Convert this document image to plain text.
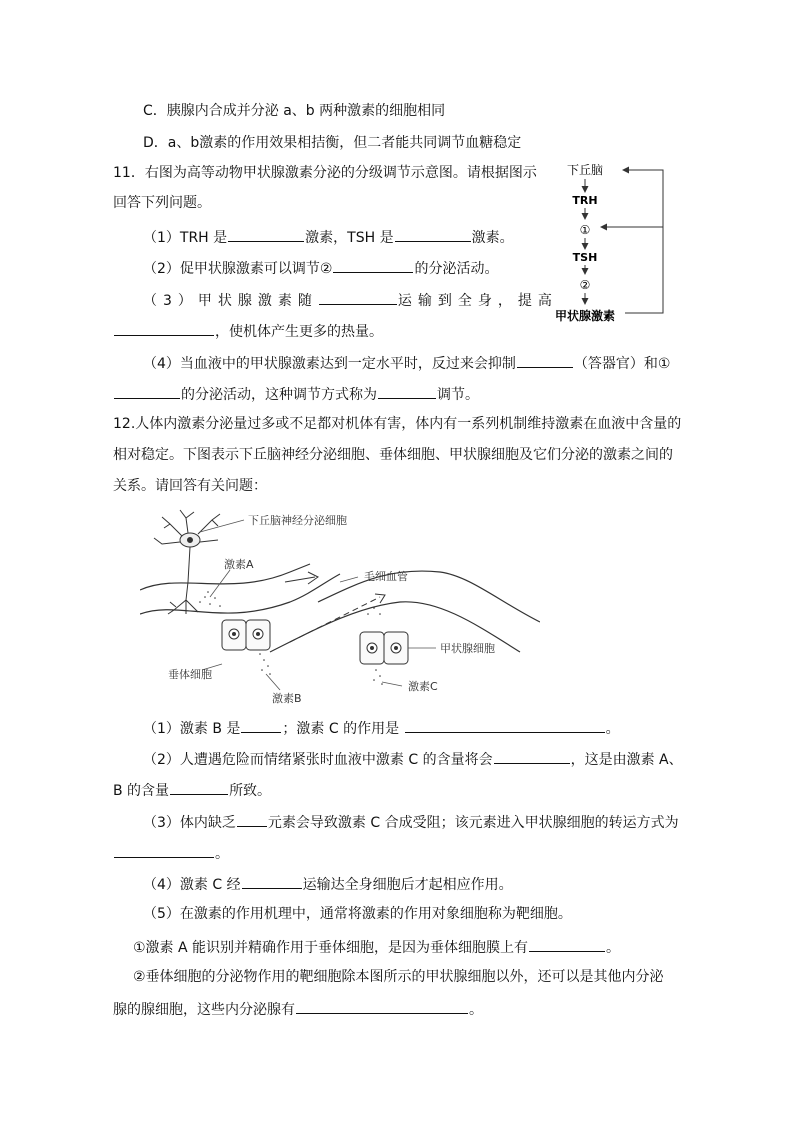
C．胰腺内合成并分泌 a、b 两种激素的细胞相同
D．a、b激素的作用效果相拮衡，但二者能共同调节血糖稳定
11．右图为高等动物甲状腺激素分泌的分级调节示意图。请根据图示
回答下列问题。
（1）TRH 是	激素，TSH 是	激素。
（2）促甲状腺激素可以调节②	的分泌活动。
（3）甲状腺激素随	运输到全身，提高
，使机体产生更多的热量。
（4）当血液中的甲状腺激素达到一定水平时，反过来会抑制	（答器官）和①
的分泌活动，这种调节方式称为	调节。
下丘脑
TRH
①
TSH
②
甲状腺激素
12.人体内激素分泌量过多或不足都对机体有害，体内有一系列机制维持激素在血液中含量的
相对稳定。下图表示下丘脑神经分泌细胞、垂体细胞、甲状腺细胞及它们分泌的激素之间的
关系。请回答有关问题：
下丘脑神经分泌细胞
激素A
毛细血管
垂体细胞
激素B
甲状腺细胞
激素C
（1）激素 B 是	；激素 C 的作用是	。
（2）人遭遇危险而情绪紧张时血液中激素 C 的含量将会	，这是由激素 A、
B 的含量	所致。
（3）体内缺乏 元素会导致激素 C 合成受阻；该元素进入甲状腺细胞的转运方式为
。
（4）激素 C 经	运输达全身细胞后才起相应作用。
（5）在激素的作用机理中，通常将激素的作用对象细胞称为靶细胞。
①激素 A 能识别并精确作用于垂体细胞，是因为垂体细胞膜上有	。
②垂体细胞的分泌物作用的靶细胞除本图所示的甲状腺细胞以外，还可以是其他内分泌
腺的腺细胞，这些内分泌腺有	。
